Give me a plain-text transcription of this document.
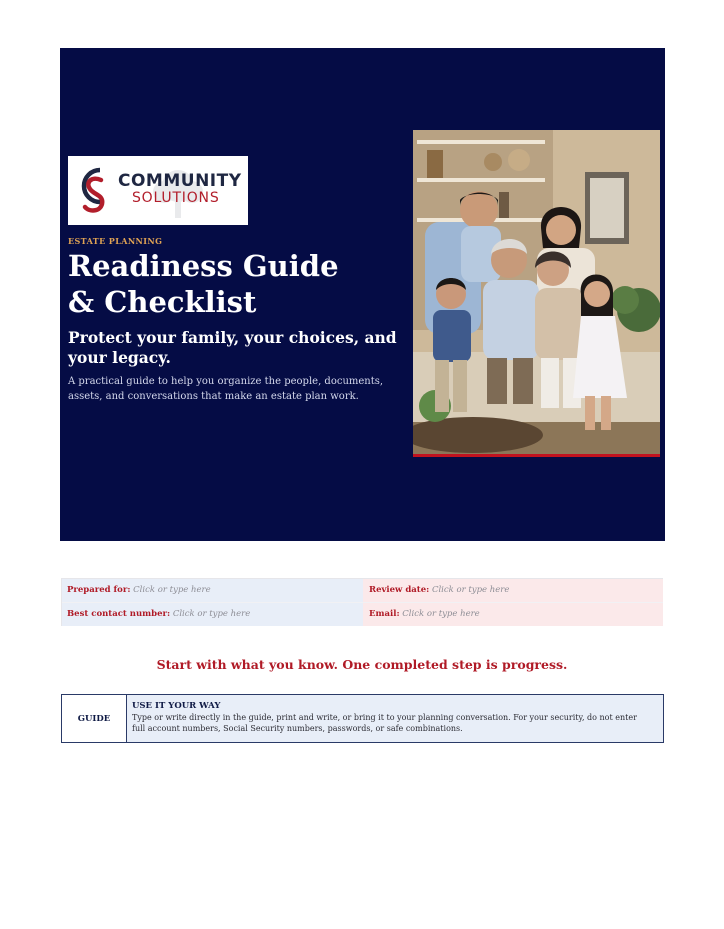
COMMUNITY
SOLUTIONS
ESTATE PLANNING
Readiness Guide
& Checklist
Protect your family, your choices, and your legacy.
A practical guide to help you organize the people, documents, assets, and conversations that make an estate plan work.
Prepared for: Click or type here	Review date: Click or type here
Best contact number: Click or type here	Email: Click or type here
Start with what you know. One completed step is progress.
GUIDE
USE IT YOUR WAY
Type or write directly in the guide, print and write, or bring it to your planning conversation. For your security, do not enter full account numbers, Social Security numbers, passwords, or safe combinations.
